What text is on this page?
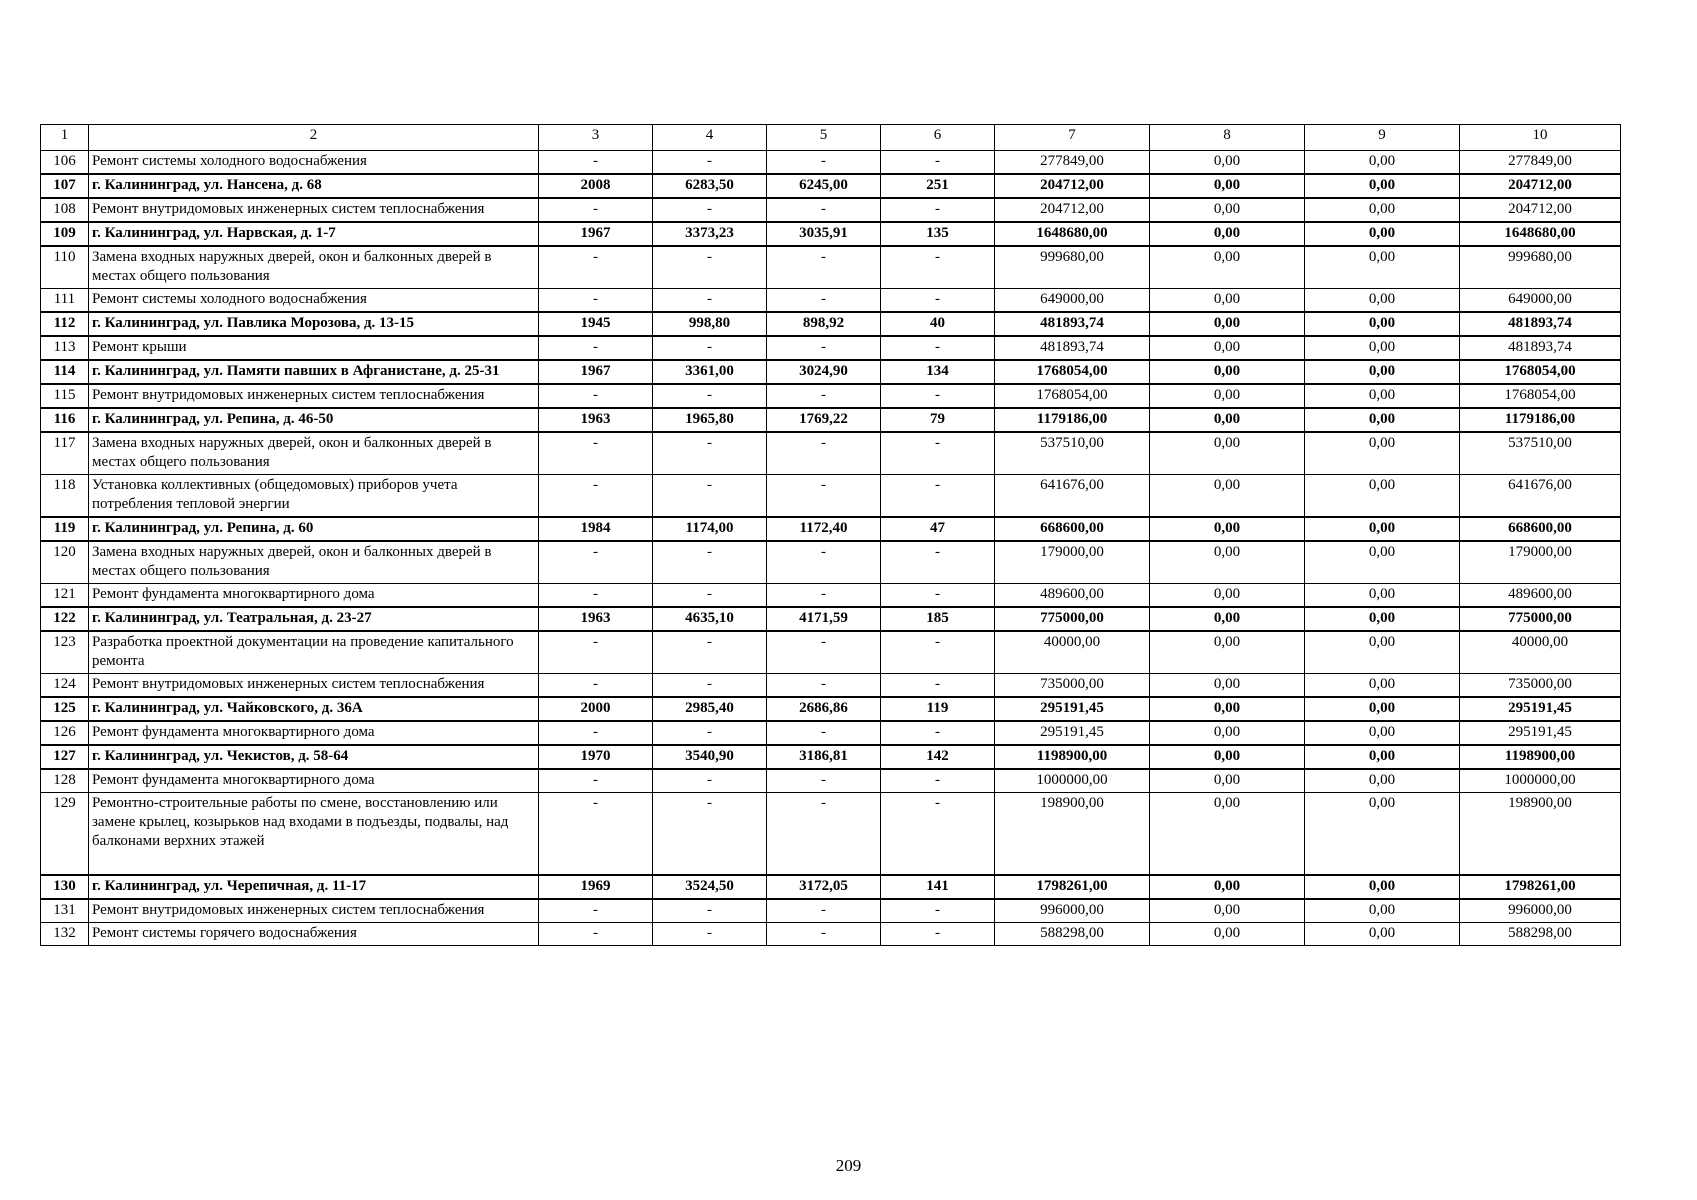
1	2	3	4	5	6	7	8	9	10
106	Ремонт системы холодного водоснабжения	-	-	-	-	277849,00	0,00	0,00	277849,00
107	г. Калининград, ул. Нансена, д. 68	2008	6283,50	6245,00	251	204712,00	0,00	0,00	204712,00
108	Ремонт внутридомовых инженерных систем теплоснабжения	-	-	-	-	204712,00	0,00	0,00	204712,00
109	г. Калининград, ул. Нарвская, д. 1-7	1967	3373,23	3035,91	135	1648680,00	0,00	0,00	1648680,00
110	Замена входных наружных дверей, окон и балконных дверей в местах общего пользования	-	-	-	-	999680,00	0,00	0,00	999680,00
111	Ремонт системы холодного водоснабжения	-	-	-	-	649000,00	0,00	0,00	649000,00
112	г. Калининград, ул. Павлика Морозова, д. 13-15	1945	998,80	898,92	40	481893,74	0,00	0,00	481893,74
113	Ремонт крыши	-	-	-	-	481893,74	0,00	0,00	481893,74
114	г. Калининград, ул. Памяти павших в Афганистане, д. 25-31	1967	3361,00	3024,90	134	1768054,00	0,00	0,00	1768054,00
115	Ремонт внутридомовых инженерных систем теплоснабжения	-	-	-	-	1768054,00	0,00	0,00	1768054,00
116	г. Калининград, ул. Репина, д. 46-50	1963	1965,80	1769,22	79	1179186,00	0,00	0,00	1179186,00
117	Замена входных наружных дверей, окон и балконных дверей в местах общего пользования	-	-	-	-	537510,00	0,00	0,00	537510,00
118	Установка коллективных (общедомовых) приборов учета потребления тепловой энергии	-	-	-	-	641676,00	0,00	0,00	641676,00
119	г. Калининград, ул. Репина, д. 60	1984	1174,00	1172,40	47	668600,00	0,00	0,00	668600,00
120	Замена входных наружных дверей, окон и балконных дверей в местах общего пользования	-	-	-	-	179000,00	0,00	0,00	179000,00
121	Ремонт фундамента многоквартирного дома	-	-	-	-	489600,00	0,00	0,00	489600,00
122	г. Калининград, ул. Театральная, д. 23-27	1963	4635,10	4171,59	185	775000,00	0,00	0,00	775000,00
123	Разработка проектной документации на проведение капитального ремонта	-	-	-	-	40000,00	0,00	0,00	40000,00
124	Ремонт внутридомовых инженерных систем теплоснабжения	-	-	-	-	735000,00	0,00	0,00	735000,00
125	г. Калининград, ул. Чайковского, д. 36А	2000	2985,40	2686,86	119	295191,45	0,00	0,00	295191,45
126	Ремонт фундамента многоквартирного дома	-	-	-	-	295191,45	0,00	0,00	295191,45
127	г. Калининград, ул. Чекистов, д. 58-64	1970	3540,90	3186,81	142	1198900,00	0,00	0,00	1198900,00
128	Ремонт фундамента многоквартирного дома	-	-	-	-	1000000,00	0,00	0,00	1000000,00
129	Ремонтно-строительные работы по смене, восстановлению или замене крылец, козырьков над входами в подъезды, подвалы, над балконами верхних этажей	-	-	-	-	198900,00	0,00	0,00	198900,00
130	г. Калининград, ул. Черепичная, д. 11-17	1969	3524,50	3172,05	141	1798261,00	0,00	0,00	1798261,00
131	Ремонт внутридомовых инженерных систем теплоснабжения	-	-	-	-	996000,00	0,00	0,00	996000,00
132	Ремонт системы горячего водоснабжения	-	-	-	-	588298,00	0,00	0,00	588298,00
209
